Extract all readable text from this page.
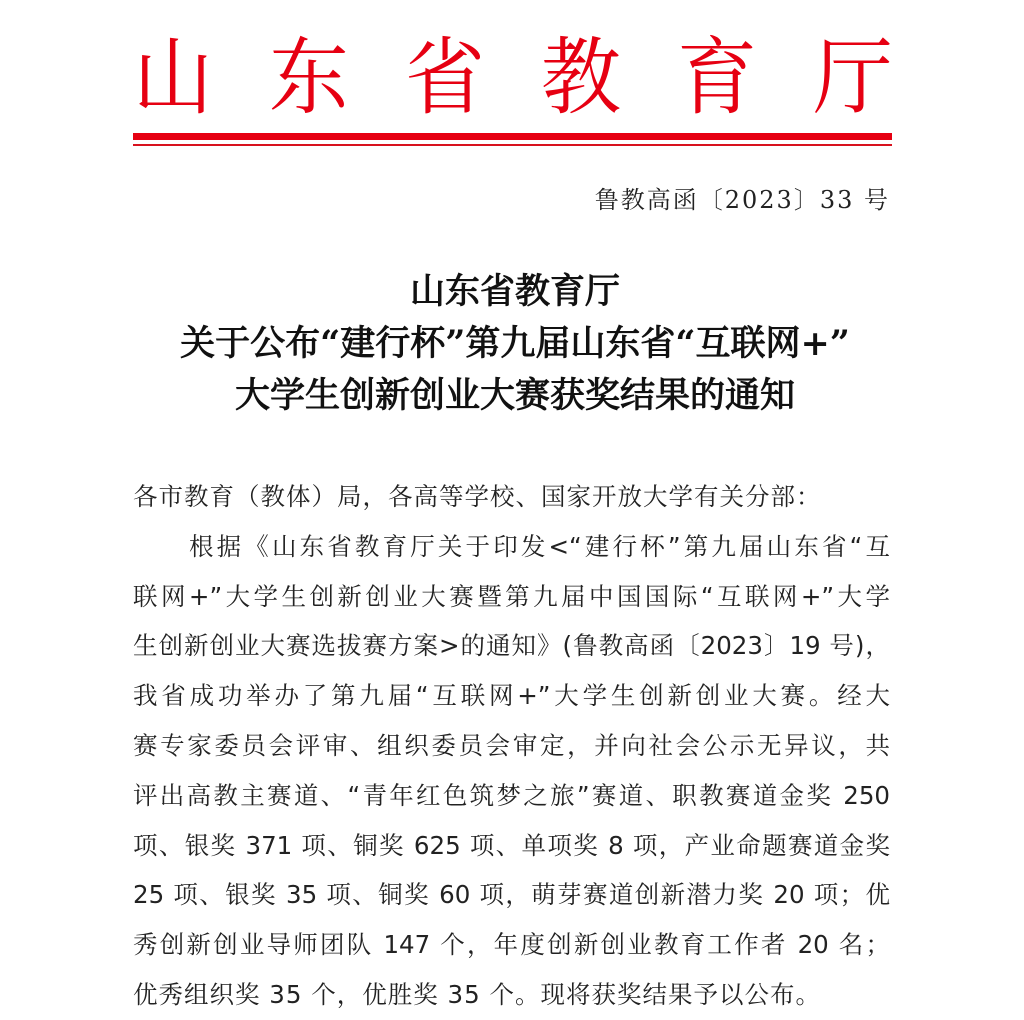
山 东 省 教 育 厅
鲁教高函〔2023〕33 号
山东省教育厅
关于公布“建行杯”第九届山东省“互联网+”
大学生创新创业大赛获奖结果的通知
各市教育（教体）局，各高等学校、国家开放大学有关分部：
根据《山东省教育厅关于印发<“建行杯”第九届山东省“互
联网+”大学生创新创业大赛暨第九届中国国际“互联网+”大学
生创新创业大赛选拔赛方案>的通知》(鲁教高函〔2023〕19 号)，
我省成功举办了第九届“互联网+”大学生创新创业大赛。经大
赛专家委员会评审、组织委员会审定，并向社会公示无异议，共
评出高教主赛道、“青年红色筑梦之旅”赛道、职教赛道金奖 250
项、银奖 371 项、铜奖 625 项、单项奖 8 项，产业命题赛道金奖
25 项、银奖 35 项、铜奖 60 项，萌芽赛道创新潜力奖 20 项；优
秀创新创业导师团队 147 个，年度创新创业教育工作者 20 名；
优秀组织奖 35 个，优胜奖 35 个。现将获奖结果予以公布。
